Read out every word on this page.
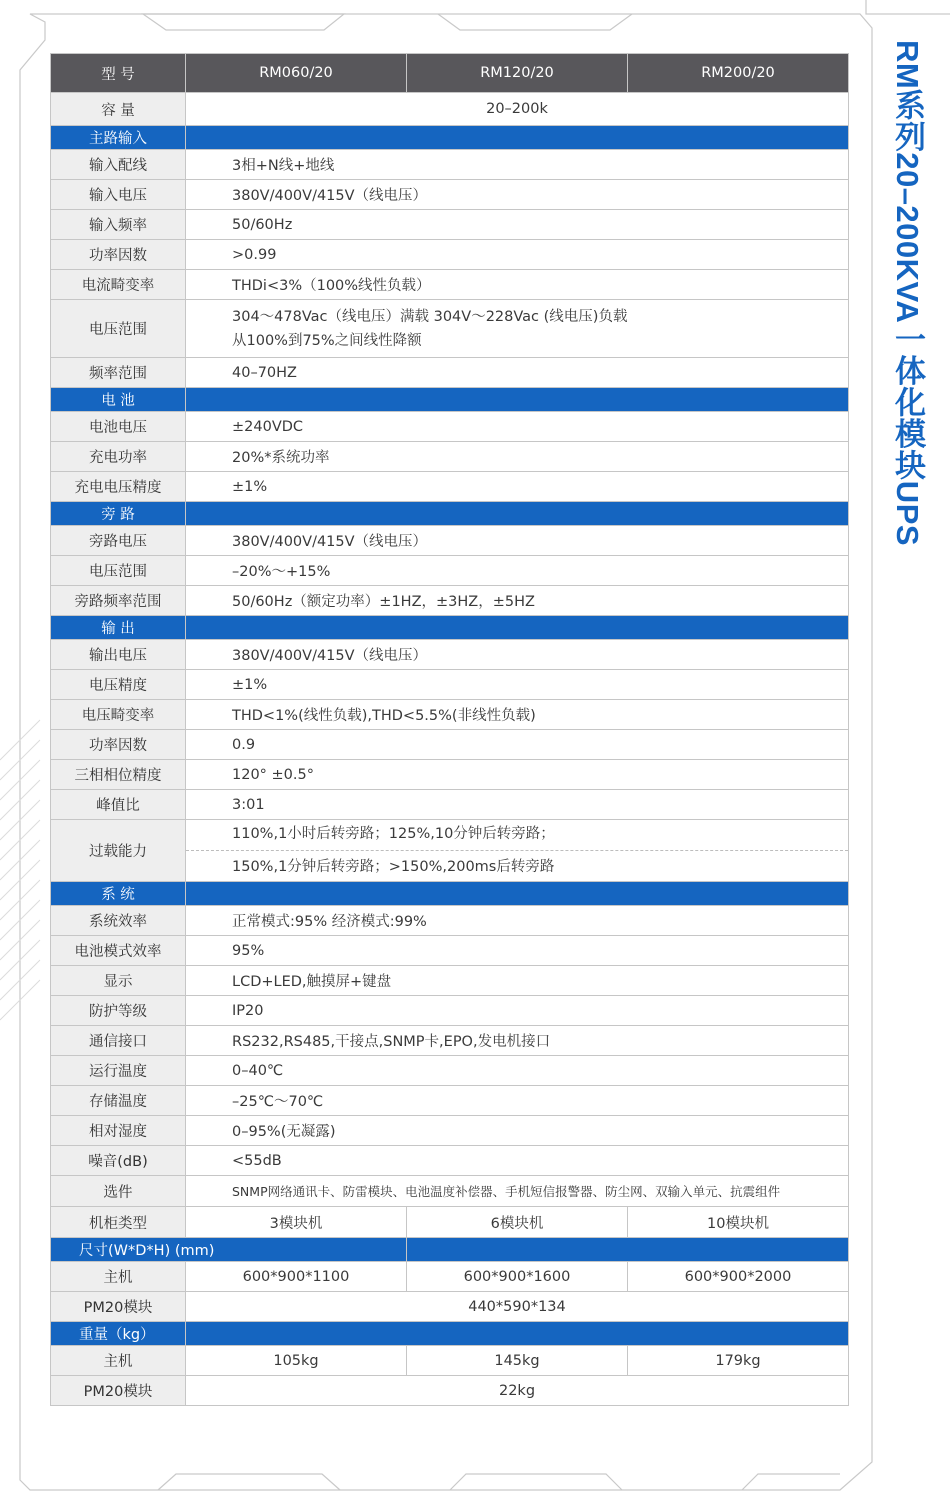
RM系列20–200KVA一体化模块UPS
型 号	RM060/20	RM120/20	RM200/20
容 量	20–200k		
主路输入			
输入配线	3相+N线+地线		
输入电压	380V/400V/415V（线电压）		
输入频率	50/60Hz		
功率因数	>0.99		
电流畸变率	THDi<3%（100%线性负载）		
电压范围	304～478Vac（线电压）满载 304V～228Vac (线电压)负载
从100%到75%之间线性降额		

频率范围	40–70HZ		
电 池			
电池电压	±240VDC		
充电功率	20%*系统功率		
充电电压精度	±1%		
旁 路			
旁路电压	380V/400V/415V（线电压）		
电压范围	–20%～+15%		
旁路频率范围	50/60Hz（额定功率）±1HZ，±3HZ，±5HZ		
输 出			
输出电压	380V/400V/415V（线电压）		
电压精度	±1%		
电压畸变率	THD<1%(线性负载),THD<5.5%(非线性负载)		
功率因数	0.9		
三相相位精度	120° ±0.5°		
峰值比	3:01		
过载能力	110%,1小时后转旁路；125%,10分钟后转旁路；
150%,1分钟后转旁路；>150%,200ms后转旁路		

系 统			
系统效率	正常模式:95% 经济模式:99%		
电池模式效率	95%		
显示	LCD+LED,触摸屏+键盘		
防护等级	IP20		
通信接口	RS232,RS485,干接点,SNMP卡,EPO,发电机接口		
运行温度	0–40℃		
存储温度	–25℃～70℃		
相对湿度	0–95%(无凝露)		
噪音(dB)	<55dB		
选件	SNMP网络通讯卡、防雷模块、电池温度补偿器、手机短信报警器、防尘网、双输入单元、抗震组件		
机柜类型	3模块机	6模块机	10模块机
尺寸(W*D*H) (mm)			
主机	600*900*1100	600*900*1600	600*900*2000
PM20模块	440*590*134		
重量（kg）			
主机	105kg	145kg	179kg
PM20模块	22kg		
